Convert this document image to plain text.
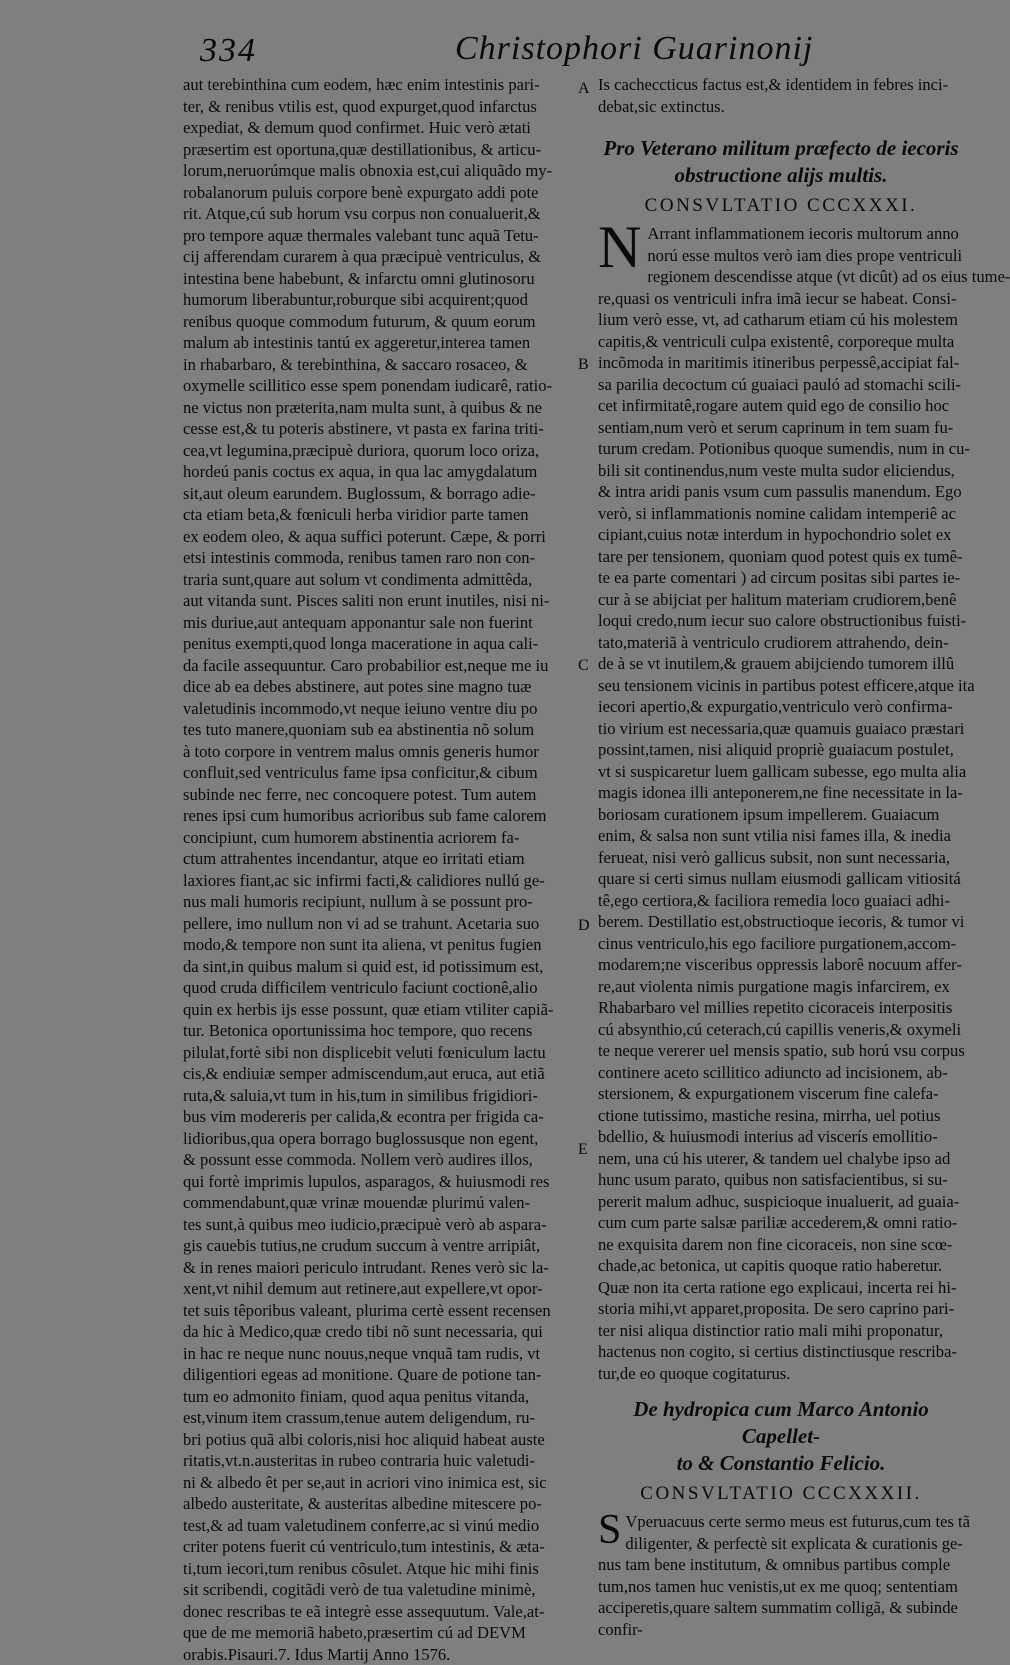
334	Christophori Guarinonij
A
B
C
D
E
aut terebinthina cum eodem, hæc enim intestinis pari-
ter, & renibus vtilis est, quod expurget,quod infarctus
expediat, & demum quod confirmet. Huic verò ætati
præsertim est oportuna,quæ destillationibus, & articu-
lorum,neruorúmque malis obnoxia est,cui aliquãdo my-
robalanorum puluis corpore benè expurgato addi pote
rit. Atque,cú sub horum vsu corpus non conualuerit,&
pro tempore aquæ thermales valebant tunc aquã Tetu-
cij afferendam curarem à qua præcipuè ventriculus, &
intestina bene habebunt, & infarctu omni glutinosoru
humorum liberabuntur,roburque sibi acquirent;quod
renibus quoque commodum futurum, & quum eorum
malum ab intestinis tantú ex aggeretur,interea tamen
in rhabarbaro, & terebinthina, & saccaro rosaceo, &
oxymelle scillitico esse spem ponendam iudicarê, ratio-
ne victus non præterita,nam multa sunt, à quibus & ne
cesse est,& tu poteris abstinere, vt pasta ex farina triti-
cea,vt legumina,præcipuè duriora, quorum loco oriza,
hordeú panis coctus ex aqua, in qua lac amygdalatum
sit,aut oleum earundem. Buglossum, & borrago adie-
cta etiam beta,& fœniculi herba viridior parte tamen
ex eodem oleo, & aqua suffici poterunt. Cæpe, & porri
etsi intestinis commoda, renibus tamen raro non con-
traria sunt,quare aut solum vt condimenta admittêda,
aut vitanda sunt. Pisces saliti non erunt inutiles, nisi ni-
mis duriue,aut antequam apponantur sale non fuerint
penitus exempti,quod longa maceratione in aqua cali-
da facile assequuntur. Caro probabilior est,neque me iu
dice ab ea debes abstinere, aut potes sine magno tuæ
valetudinis incommodo,vt neque ieiuno ventre diu po
tes tuto manere,quoniam sub ea abstinentia nõ solum
à toto corpore in ventrem malus omnis generis humor
confluit,sed ventriculus fame ipsa conficitur,& cibum
subinde nec ferre, nec concoquere potest. Tum autem
renes ipsi cum humoribus acrioribus sub fame calorem
concipiunt, cum humorem abstinentia acriorem fa-
ctum attrahentes incendantur, atque eo irritati etiam
laxiores fiant,ac sic infirmi facti,& calidiores nullú ge-
nus mali humoris recipiunt, nullum à se possunt pro-
pellere, imo nullum non vi ad se trahunt. Acetaria suo
modo,& tempore non sunt ita aliena, vt penitus fugien
da sint,in quibus malum si quid est, id potissimum est,
quod cruda difficilem ventriculo faciunt coctionê,alio
quin ex herbis ijs esse possunt, quæ etiam vtiliter capiã-
tur. Betonica oportunissima hoc tempore, quo recens
pilulat,fortè sibi non displicebit veluti fœniculum lactu
cis,& endiuiæ semper admiscendum,aut eruca, aut etiã
ruta,& saluia,vt tum in his,tum in similibus frigidiori-
bus vim modereris per calida,& econtra per frigida ca-
lidioribus,qua opera borrago buglossusque non egent,
& possunt esse commoda. Nollem verò audires illos,
qui fortè imprimis lupulos, asparagos, & huiusmodi res
commendabunt,quæ vrinæ mouendæ plurimú valen-
tes sunt,à quibus meo iudicio,præcipuè verò ab aspara-
gis cauebis tutius,ne crudum succum à ventre arripiât,
& in renes maiori periculo intrudant. Renes verò sic la-
xent,vt nihil demum aut retinere,aut expellere,vt opor-
tet suis têporibus valeant, plurima certè essent recensen
da hic à Medico,quæ credo tibi nõ sunt necessaria, qui
in hac re neque nunc nouus,neque vnquã tam rudis, vt
diligentiori egeas ad monitione. Quare de potione tan-
tum eo admonito finiam, quod aqua penitus vitanda,
est,vinum item crassum,tenue autem deligendum, ru-
bri potius quã albi coloris,nisi hoc aliquid habeat auste
ritatis,vt.n.austeritas in rubeo contraria huic valetudi-
ni & albedo êt per se,aut in acriori vino inimica est, sic
albedo austeritate, & austeritas albedine mitescere po-
test,& ad tuam valetudinem conferre,ac si vinú medio
criter potens fuerit cú ventriculo,tum intestinis, & æta-
ti,tum iecori,tum renibus cõsulet. Atque hic mihi finis
sit scribendi, cogitãdi verò de tua valetudine minimè,
donec rescribas te eã integrè esse assequutum. Vale,at-
que de me memoriã habeto,præsertim cú ad DEVM
orabis.Pisauri.7. Idus Martij Anno 1576.
Is cacheccticus factus est,& identidem in febres inci-
debat,sic extinctus.
Pro Veterano militum præfecto de iecoris
obstructione alijs multis.
CONSVLTATIO CCCXXXI.
N Arrant inflammationem iecoris multorum anno
norú esse multos verò iam dies prope ventriculi
regionem descendisse atque (vt dicût) ad os eius tume-
re,quasi os ventriculi infra imã iecur se habeat. Consi-
lium verò esse, vt, ad catharum etiam cú his molestem
capitis,& ventriculi culpa existentê, corporeque multa
incõmoda in maritimis itineribus perpessê,accipiat fal-
sa parilia decoctum cú guaiaci pauló ad stomachi scili-
cet infirmitatê,rogare autem quid ego de consilio hoc
sentiam,num verò et serum caprinum in tem suam fu-
turum credam. Potionibus quoque sumendis, num in cu-
bili sit continendus,num veste multa sudor eliciendus,
& intra aridi panis vsum cum passulis manendum. Ego
verò, si inflammationis nomine calidam intemperiê ac
cipiant,cuius notæ interdum in hypochondrio solet ex
tare per tensionem, quoniam quod potest quis ex tumê-
te ea parte comentari ) ad circum positas sibi partes ie-
cur à se abijciat per halitum materiam crudiorem,benê
loqui credo,num iecur suo calore obstructionibus fuisti-
tato,materiã à ventriculo crudiorem attrahendo, dein-
de à se vt inutilem,& grauem abijciendo tumorem illû
seu tensionem vicinis in partibus potest efficere,atque ita
iecori apertio,& expurgatio,ventriculo verò confirma-
tio virium est necessaria,quæ quamuis guaiaco præstari
possint,tamen, nisi aliquid propriè guaiacum postulet,
vt si suspicaretur luem gallicam subesse, ego multa alia
magis idonea illi anteponerem,ne fine necessitate in la-
boriosam curationem ipsum impellerem. Guaiacum
enim, & salsa non sunt vtilia nisi fames illa, & inedia
ferueat, nisi verò gallicus subsit, non sunt necessaria,
quare si certi simus nullam eiusmodi gallicam vitiositá
tê,ego certiora,& faciliora remedia loco guaiaci adhi-
berem. Destillatio est,obstructioque iecoris, & tumor vi
cinus ventriculo,his ego faciliore purgationem,accom-
modarem;ne visceribus oppressis laborê nocuum affer-
re,aut violenta nimis purgatione magis infarcirem, ex
Rhabarbaro vel millies repetito cicoraceis interpositis
cú absynthio,cú ceterach,cú capillis veneris,& oxymeli
te neque vererer uel mensis spatio, sub horú vsu corpus
continere aceto scillitico adiuncto ad incisionem, ab-
stersionem, & expurgationem viscerum fine calefa-
ctione tutissimo, mastiche resina, mirrha, uel potius
bdellio, & huiusmodi interius ad viscerís emollitio-
nem, una cú his uterer, & tandem uel chalybe ipso ad
hunc usum parato, quibus non satisfacientibus, si su-
pererit malum adhuc, suspicioque inualuerit, ad guaia-
cum cum parte salsæ pariliæ accederem,& omni ratio-
ne exquisita darem non fine cicoraceis, non sine scœ-
chade,ac betonica, ut capitis quoque ratio haberetur.
Quæ non ita certa ratione ego explicaui, incerta rei hi-
storia mihi,vt apparet,proposita. De sero caprino pari-
ter nisi aliqua distinctior ratio mali mihi proponatur,
hactenus non cogito, si certius distinctiusque rescriba-
tur,de eo quoque cogitaturus.
De hydropica cum Marco Antonio Capellet-
to & Constantio Felicio.
CONSVLTATIO CCCXXXII.
S Vperuacuus certe sermo meus est futurus,cum tes tã
diligenter, & perfectè sit explicata & curationis ge-
nus tam bene institutum, & omnibus partibus comple
tum,nos tamen huc venistis,ut ex me quoq; sententiam
acciperetis,quare saltem summatim colligã, & subinde
confir-
